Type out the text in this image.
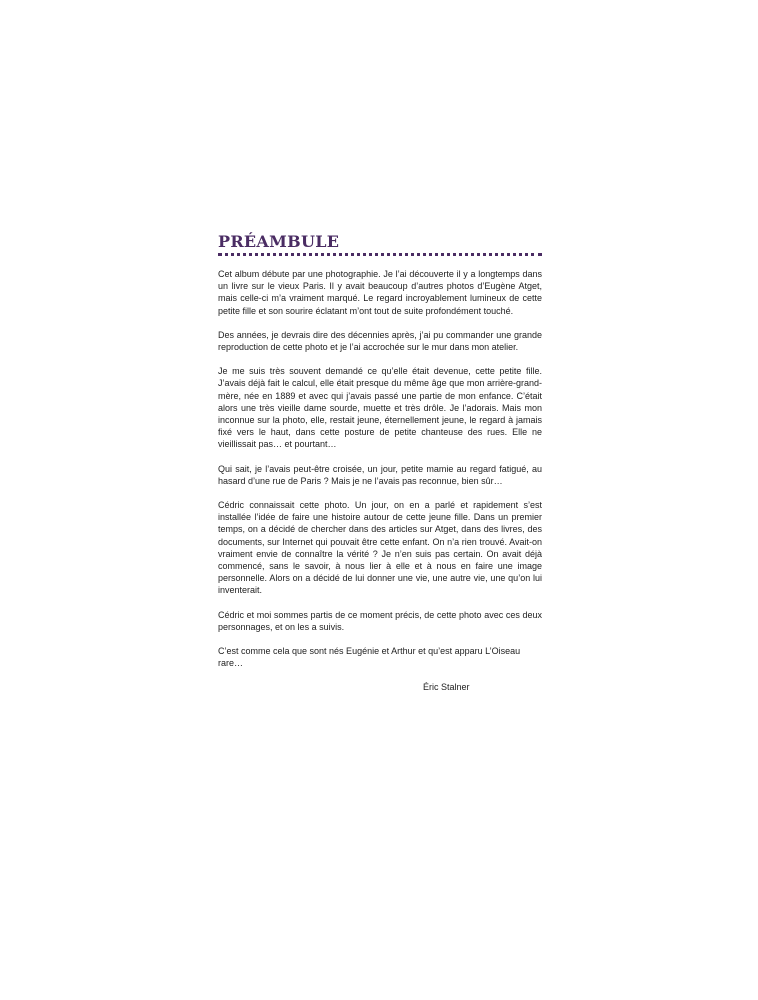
PRÉAMBULE

Cet album débute par une photographie. Je l’ai découverte il y a longtemps dans un livre sur le vieux Paris. Il y avait beaucoup d’autres photos d’Eugène Atget, mais celle-ci m’a vraiment marqué. Le regard incroyablement lumineux de cette petite fille et son sourire éclatant m’ont tout de suite profondément touché.

Des années, je devrais dire des décennies après, j’ai pu commander une grande reproduction de cette photo et je l’ai accrochée sur le mur dans mon atelier.

Je me suis très souvent demandé ce qu’elle était devenue, cette petite fille. J’avais déjà fait le calcul, elle était presque du même âge que mon arrière-grand-mère, née en 1889 et avec qui j’avais passé une partie de mon enfance. C’était alors une très vieille dame sourde, muette et très drôle. Je l’adorais. Mais mon inconnue sur la photo, elle, restait jeune, éternellement jeune, le regard à jamais fixé vers le haut, dans cette posture de petite chanteuse des rues. Elle ne vieillissait pas… et pourtant…

Qui sait, je l’avais peut-être croisée, un jour, petite mamie au regard fatigué, au hasard d’une rue de Paris ? Mais je ne l’avais pas reconnue, bien sûr…

Cédric connaissait cette photo. Un jour, on en a parlé et rapidement s’est installée l’idée de faire une histoire autour de cette jeune fille. Dans un premier temps, on a décidé de chercher dans des articles sur Atget, dans des livres, des documents, sur Internet qui pouvait être cette enfant. On n’a rien trouvé. Avait-on vraiment envie de connaître la vérité ? Je n’en suis pas certain. On avait déjà commencé, sans le savoir, à nous lier à elle et à nous en faire une image personnelle. Alors on a décidé de lui donner une vie, une autre vie, une qu’on lui inventerait.

Cédric et moi sommes partis de ce moment précis, de cette photo avec ces deux personnages, et on les a suivis.

C’est comme cela que sont nés Eugénie et Arthur et qu’est apparu L’Oiseau rare…

Éric Stalner
